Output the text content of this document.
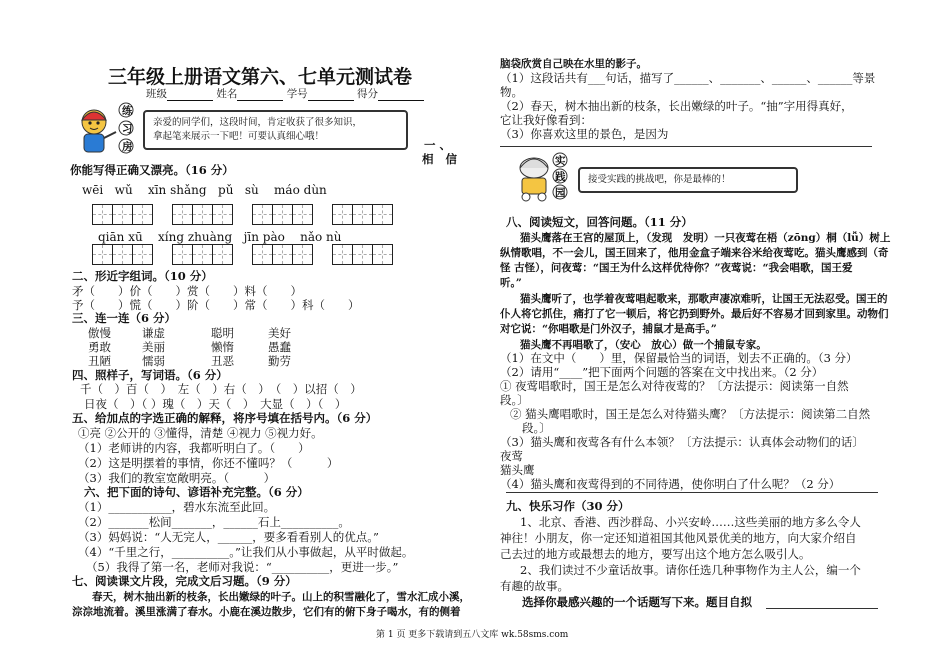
三年级上册语文第六、七单元测试卷
班级	姓名	学号	得分
练
习
房
亲爱的同学们，这段时间，肯定收获了很多知识，
拿起笔来展示一下吧！可要认真细心哦！
一 、
相 信
你能写得正确又漂亮。（16 分）
wēi wǔ xīn shǎng pǔ sù máo dùn
qiān xū xíng zhuàng jīn pào nǎo nù
二、形近字组词。（10 分）
矛（　　）价（　　）赏（　　）料（　　）
予（　　）慌（　　）阶（　　）常（　　）科（　　）
三、连一连（6 分）
傲慢	谦虚	聪明	美好
勇敢	美丽	懒惰	愚蠢
丑陋	懦弱	丑恶	勤劳
四、照样子，写词语。（6 分）
千（　）百（　）　左（　）右（　）　（　）以招（　）
日夜（　）（ ）瑰（　）天（　）　大显（　）（　）
五、给加点的字选正确的解释，将序号填在括号内。（6 分）
①亮 ②公开的 ③懂得，清楚 ④视力 ⑤视力好。
（1）老师讲的内容，我都听明白了。（　　）
（2）这是明摆着的事情，你还不懂吗？（　　　）
（3）我们的教室宽敞明亮。（　　　）
六、把下面的诗句、谚语补充完整。（6 分）
（1）___________，碧水东流至此回。
（2）_______松间_______，______石上__________。
（3）妈妈说：“人无完人，______，要多看看别人的优点。”
（4）“千里之行，__________。”让我们从小事做起，从平时做起。
（5）我得了第一名，老师对我说：“__________，更进一步。”
七、阅读课文片段，完成文后习题。（9 分）
春天，树木抽出新的枝条，长出嫩绿的叶子。山上的积雪融化了，雪水汇成小溪，
淙淙地流着。溪里涨满了春水。小鹿在溪边散步，它们有的俯下身子喝水，有的侧着
脑袋欣赏自己映在水里的影子。
（1）这段话共有___句话，描写了______、_______、______、______等景
物。
（2）春天，树木抽出新的枝条，长出嫩绿的叶子。“抽”字用得真好，
它让我好像看到：
（3）你喜欢这里的景色，是因为
实
践
园
接受实践的挑战吧，你是最棒的！
八、阅读短文，回答问题。（11 分）
猫头鹰落在王宫的屋顶上，（发现　发明）一只夜莺在梧（zōng）桐（lǚ）树上
纵情歌唱，不一会儿，国王回来了，他用金盒子端来谷米给夜莺吃。猫头鹰感到（奇
怪 古怪），问夜莺：“国王为什么这样优待你？”夜莺说：“我会唱歌，国王爱
听。”
猫头鹰听了，也学着夜莺唱起歌来，那歌声凄凉难听，让国王无法忍受。国王的
仆人将它抓住，痛打了它一顿后，将它扔到野外。最后好不容易才回到家里。动物们
对它说：“你唱歌是门外汉子，捕鼠才是高手。”
猫头鹰不再唱歌了，（安心　放心）做一个捕鼠专家。
（1）在文中（　　）里，保留最恰当的词语，划去不正确的。（3 分）
（2）请用“____”把下面两个问题的答案在文中找出来。（2 分）
① 夜莺唱歌时，国王是怎么对待夜莺的？〔方法提示：阅读第一自然
段。〕
② 猫头鹰唱歌时，国王是怎么对待猫头鹰？〔方法提示：阅读第二自然
段。〕
（3）猫头鹰和夜莺各有什么本领？〔方法提示：认真体会动物们的话〕
夜莺
猫头鹰
（4）猫头鹰和夜莺得到的不同待遇，使你明白了什么呢？（2 分）
九、快乐习作（30 分）
1、北京、香港、西沙群岛、小兴安岭……这些美丽的地方多么令人
神往！小朋友，你一定还知道祖国其他风景优美的地方，向大家介绍自
己去过的地方或最想去的地方，要写出这个地方怎么吸引人。
2、我们读过不少童话故事。请你任选几种事物作为主人公，编一个
有趣的故事。
选择你最感兴趣的一个话题写下来。题目自拟
第 1 页 更多下载请到五八文库 wk.58sms.com
